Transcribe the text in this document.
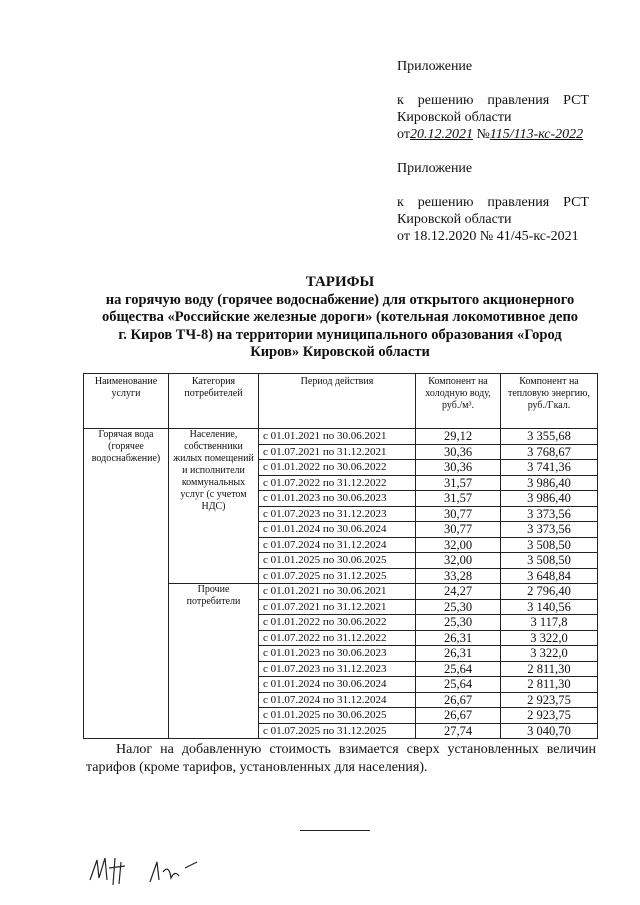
Приложение
к решению правления РСТ
Кировской области
от20.12.2021 №115/113-кс-2022
Приложение
к решению правления РСТ
Кировской области
от 18.12.2020 № 41/45-кс-2021
ТАРИФЫ
на горячую воду (горячее водоснабжение) для открытого акционерного
общества «Российские железные дороги» (котельная локомотивное депо
г. Киров ТЧ-8) на территории муниципального образования «Город
Киров» Кировской области
Наименование услуги	Категория потребителей	Период действия	Компонент на холодную воду, руб./м³.	Компонент на тепловую энергию, руб./Гкал.
Горячая вода (горячее водоснабжение)	Население, собственники жилых помещений и исполнители коммунальных услуг (с учетом НДС)	с 01.01.2021 по 30.06.2021	29,12	3 355,68
		с 01.07.2021 по 31.12.2021	30,36	3 768,67
		с 01.01.2022 по 30.06.2022	30,36	3 741,36
		с 01.07.2022 по 31.12.2022	31,57	3 986,40
		с 01.01.2023 по 30.06.2023	31,57	3 986,40
		с 01.07.2023 по 31.12.2023	30,77	3 373,56
		с 01.01.2024 по 30.06.2024	30,77	3 373,56
		с 01.07.2024 по 31.12.2024	32,00	3 508,50
		с 01.01.2025 по 30.06.2025	32,00	3 508,50
		с 01.07.2025 по 31.12.2025	33,28	3 648,84
	Прочие потребители	с 01.01.2021 по 30.06.2021	24,27	2 796,40
		с 01.07.2021 по 31.12.2021	25,30	3 140,56
		с 01.01.2022 по 30.06.2022	25,30	3 117,8
		с 01.07.2022 по 31.12.2022	26,31	3 322,0
		с 01.01.2023 по 30.06.2023	26,31	3 322,0
		с 01.07.2023 по 31.12.2023	25,64	2 811,30
		с 01.01.2024 по 30.06.2024	25,64	2 811,30
		с 01.07.2024 по 31.12.2024	26,67	2 923,75
		с 01.01.2025 по 30.06.2025	26,67	2 923,75
		с 01.07.2025 по 31.12.2025	27,74	3 040,70
Налог на добавленную стоимость взимается сверх установленных величин тарифов (кроме тарифов, установленных для населения).
